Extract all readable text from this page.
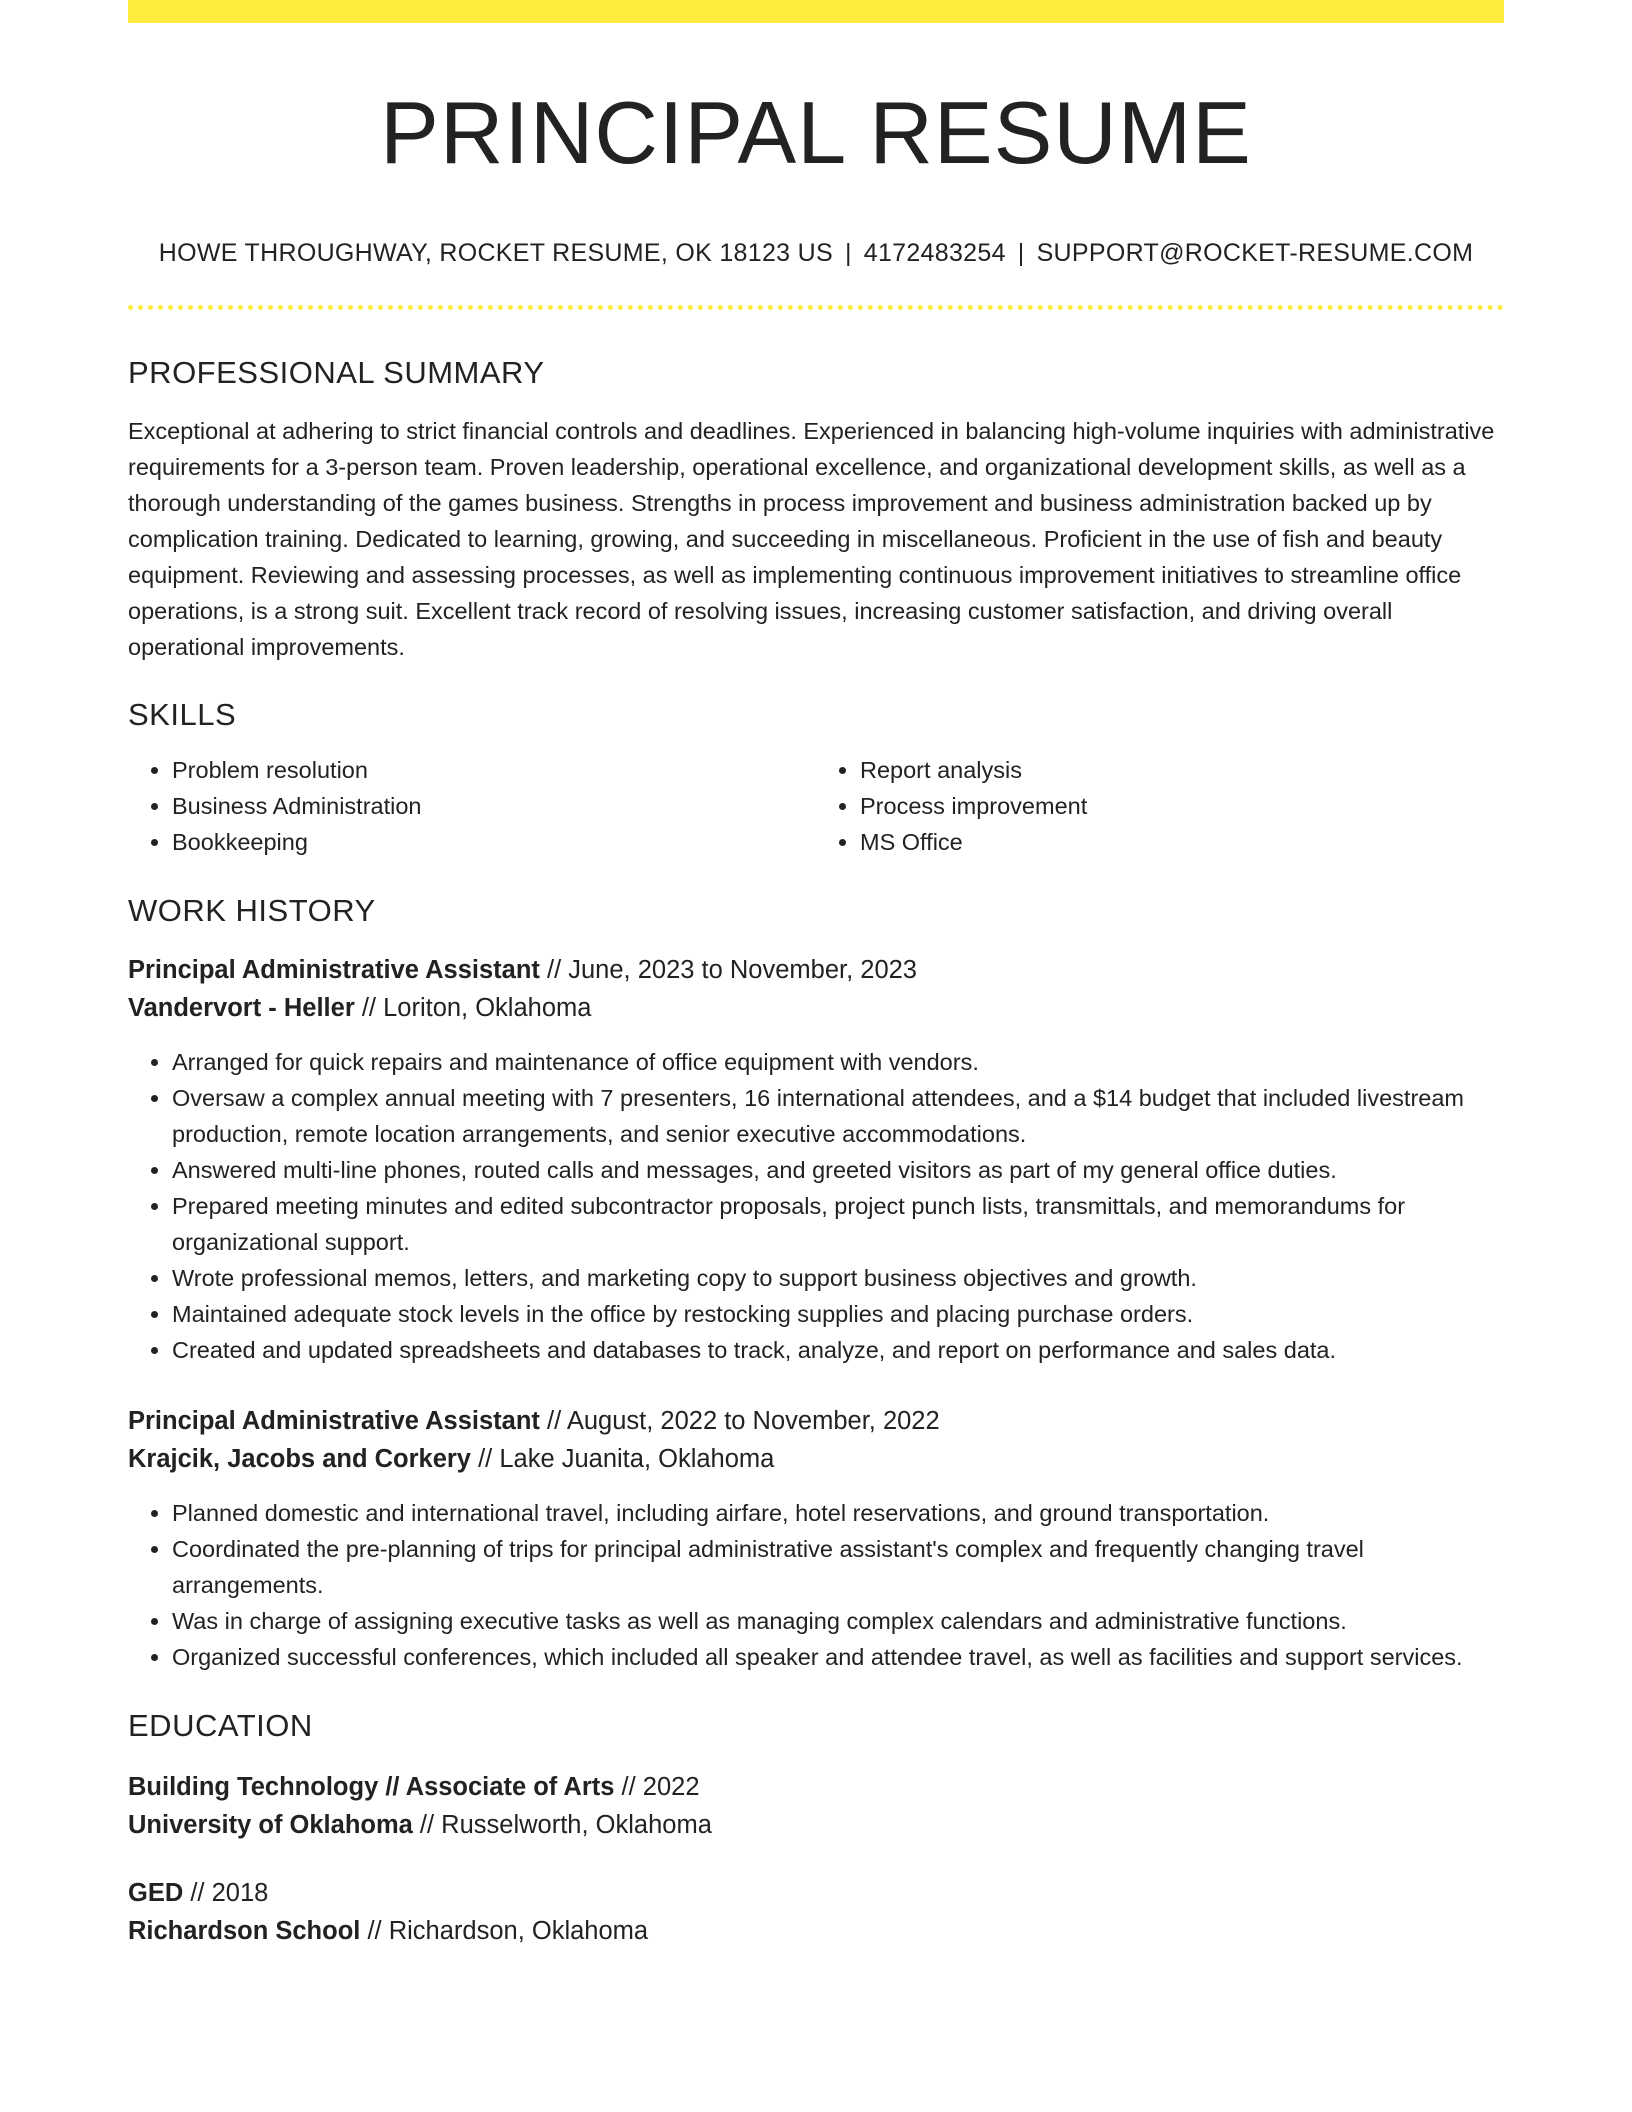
PRINCIPAL RESUME
HOWE THROUGHWAY, ROCKET RESUME, OK 18123 US | 4172483254 | SUPPORT@ROCKET-RESUME.COM
PROFESSIONAL SUMMARY

Exceptional at adhering to strict financial controls and deadlines. Experienced in balancing high-volume inquiries with administrative requirements for a 3-person team. Proven leadership, operational excellence, and organizational development skills, as well as a thorough understanding of the games business. Strengths in process improvement and business administration backed up by complication training. Dedicated to learning, growing, and succeeding in miscellaneous. Proficient in the use of fish and beauty equipment. Reviewing and assessing processes, as well as implementing continuous improvement initiatives to streamline office operations, is a strong suit. Excellent track record of resolving issues, increasing customer satisfaction, and driving overall operational improvements.

SKILLS
• Problem resolution
• Business Administration
• Bookkeeping
• Report analysis
• Process improvement
• MS Office
WORK HISTORY
Principal Administrative Assistant // June, 2023 to November, 2023
Vandervort - Heller // Loriton, Oklahoma
• Arranged for quick repairs and maintenance of office equipment with vendors.
• Oversaw a complex annual meeting with 7 presenters, 16 international attendees, and a $14 budget that included livestream production, remote location arrangements, and senior executive accommodations.
• Answered multi-line phones, routed calls and messages, and greeted visitors as part of my general office duties.
• Prepared meeting minutes and edited subcontractor proposals, project punch lists, transmittals, and memorandums for organizational support.
• Wrote professional memos, letters, and marketing copy to support business objectives and growth.
• Maintained adequate stock levels in the office by restocking supplies and placing purchase orders.
• Created and updated spreadsheets and databases to track, analyze, and report on performance and sales data.
Principal Administrative Assistant // August, 2022 to November, 2022
Krajcik, Jacobs and Corkery // Lake Juanita, Oklahoma
• Planned domestic and international travel, including airfare, hotel reservations, and ground transportation.
• Coordinated the pre-planning of trips for principal administrative assistant's complex and frequently changing travel arrangements.
• Was in charge of assigning executive tasks as well as managing complex calendars and administrative functions.
• Organized successful conferences, which included all speaker and attendee travel, as well as facilities and support services.
EDUCATION
Building Technology // Associate of Arts // 2022
University of Oklahoma // Russelworth, Oklahoma
GED // 2018
Richardson School // Richardson, Oklahoma
